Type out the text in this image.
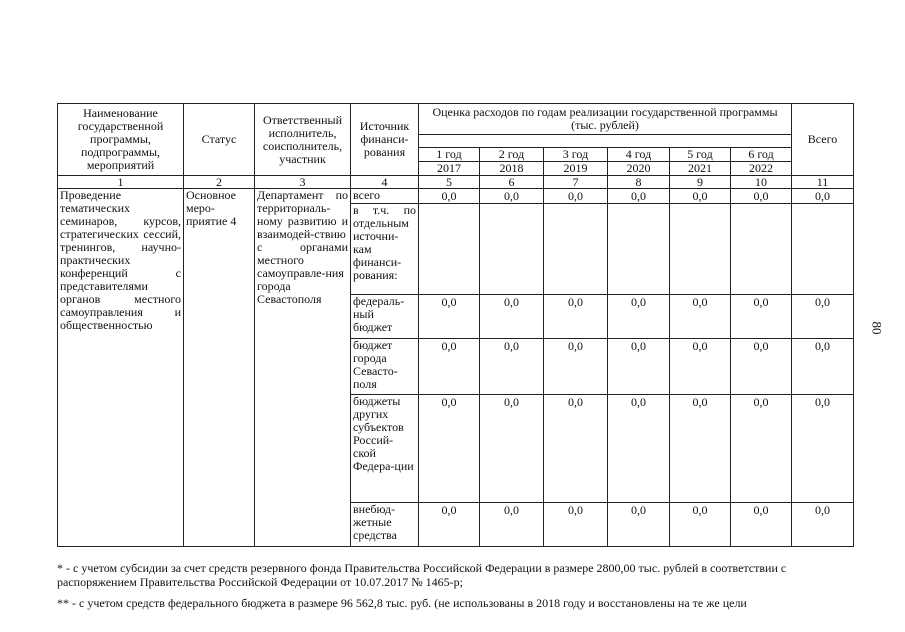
Наименование государственной программы, подпрограммы, мероприятий	Статус	Ответственный исполнитель, соисполнитель, участник	Источник финанси-рования	Оценка расходов по годам реализации государственной программы (тыс. рублей)						Всего

				1 год	2 год	3 год	4 год	5 год	6 год	
				2017	2018	2019	2020	2021	2022	
1	2	3	4	5	6	7	8	9	10	11
Проведение тематических семинаров, курсов, стратегических сессий, тренингов, научно-практических конференций с представителями органов местного самоуправления и общественностью	Основное меро-приятие 4	Департамент по территориаль-ному развитию и взаимодей-ствию с органами местного самоуправле-ния города Севастополя	всего	0,0	0,0	0,0	0,0	0,0	0,0	0,0
			в т.ч. по отдельным источни-кам финанси-рования:							
			федераль-ный бюджет	0,0	0,0	0,0	0,0	0,0	0,0	0,0
			бюджет города Севасто-поля	0,0	0,0	0,0	0,0	0,0	0,0	0,0
			бюджеты других субъектов Россий-ской Федера-ции	0,0	0,0	0,0	0,0	0,0	0,0	0,0
			внебюд-жетные средства	0,0	0,0	0,0	0,0	0,0	0,0	0,0
* - с учетом субсидии за счет средств резервного фонда Правительства Российской Федерации в размере 2800,00 тыс. рублей в соответствии с распоряжением Правительства Российской Федерации от 10.07.2017 № 1465-р;
** - с учетом средств федерального бюджета в размере 96 562,8 тыс. руб. (не использованы в 2018 году и восстановлены на те же цели
80
